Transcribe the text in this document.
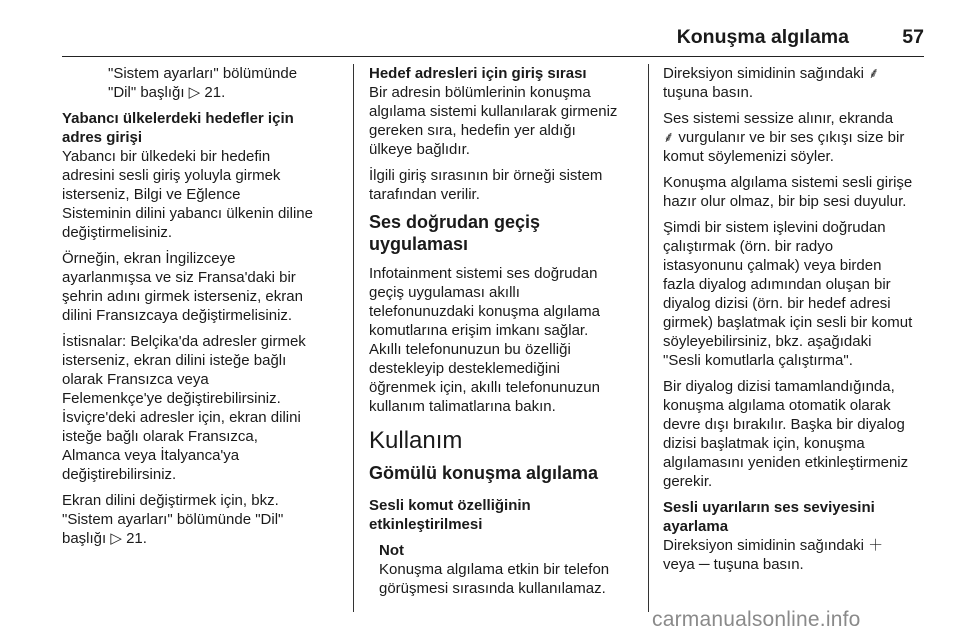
Konuşma algılama	57
"Sistem ayarları" bölümünde
"Dil" başlığı ▷ 21.
Yabancı ülkelerdeki hedefler için
adres girişi
Yabancı bir ülkedeki bir hedefin
adresini sesli giriş yoluyla girmek
isterseniz, Bilgi ve Eğlence
Sisteminin dilini yabancı ülkenin diline
değiştirmelisiniz.
Örneğin, ekran İngilizceye
ayarlanmışsa ve siz Fransa'daki bir
şehrin adını girmek isterseniz, ekran
dilini Fransızcaya değiştirmelisiniz.
İstisnalar: Belçika'da adresler girmek
isterseniz, ekran dilini isteğe bağlı
olarak Fransızca veya
Felemenkçe'ye değiştirebilirsiniz.
İsviçre'deki adresler için, ekran dilini
isteğe bağlı olarak Fransızca,
Almanca veya İtalyanca'ya
değiştirebilirsiniz.
Ekran dilini değiştirmek için, bkz.
"Sistem ayarları" bölümünde "Dil"
başlığı ▷ 21.
Hedef adresleri için giriş sırası
Bir adresin bölümlerinin konuşma
algılama sistemi kullanılarak girmeniz
gereken sıra, hedefin yer aldığı
ülkeye bağlıdır.
İlgili giriş sırasının bir örneği sistem
tarafından verilir.
Ses doğrudan geçiş uygulaması
Infotainment sistemi ses doğrudan
geçiş uygulaması akıllı
telefonunuzdaki konuşma algılama
komutlarına erişim imkanı sağlar.
Akıllı telefonunuzun bu özelliği
destekleyip desteklemediğini
öğrenmek için, akıllı telefonunuzun
kullanım talimatlarına bakın.
Kullanım
Gömülü konuşma algılama
Sesli komut özelliğinin
etkinleştirilmesi
Not
Konuşma algılama etkin bir telefon
görüşmesi sırasında kullanılamaz.
Direksiyon simidinin sağındaki ⸙
tuşuna basın.
Ses sistemi sessize alınır, ekranda
⸙ vurgulanır ve bir ses çıkışı size bir
komut söylemenizi söyler.
Konuşma algılama sistemi sesli girişe
hazır olur olmaz, bir bip sesi duyulur.
Şimdi bir sistem işlevini doğrudan
çalıştırmak (örn. bir radyo
istasyonunu çalmak) veya birden
fazla diyalog adımından oluşan bir
diyalog dizisi (örn. bir hedef adresi
girmek) başlatmak için sesli bir komut
söyleyebilirsiniz, bkz. aşağıdaki
"Sesli komutlarla çalıştırma".
Bir diyalog dizisi tamamlandığında,
konuşma algılama otomatik olarak
devre dışı bırakılır. Başka bir diyalog
dizisi başlatmak için, konuşma
algılamasını yeniden etkinleştirmeniz
gerekir.
Sesli uyarıların ses seviyesini
ayarlama
Direksiyon simidinin sağındaki ＋
veya ─ tuşuna basın.
carmanualsonline.info
